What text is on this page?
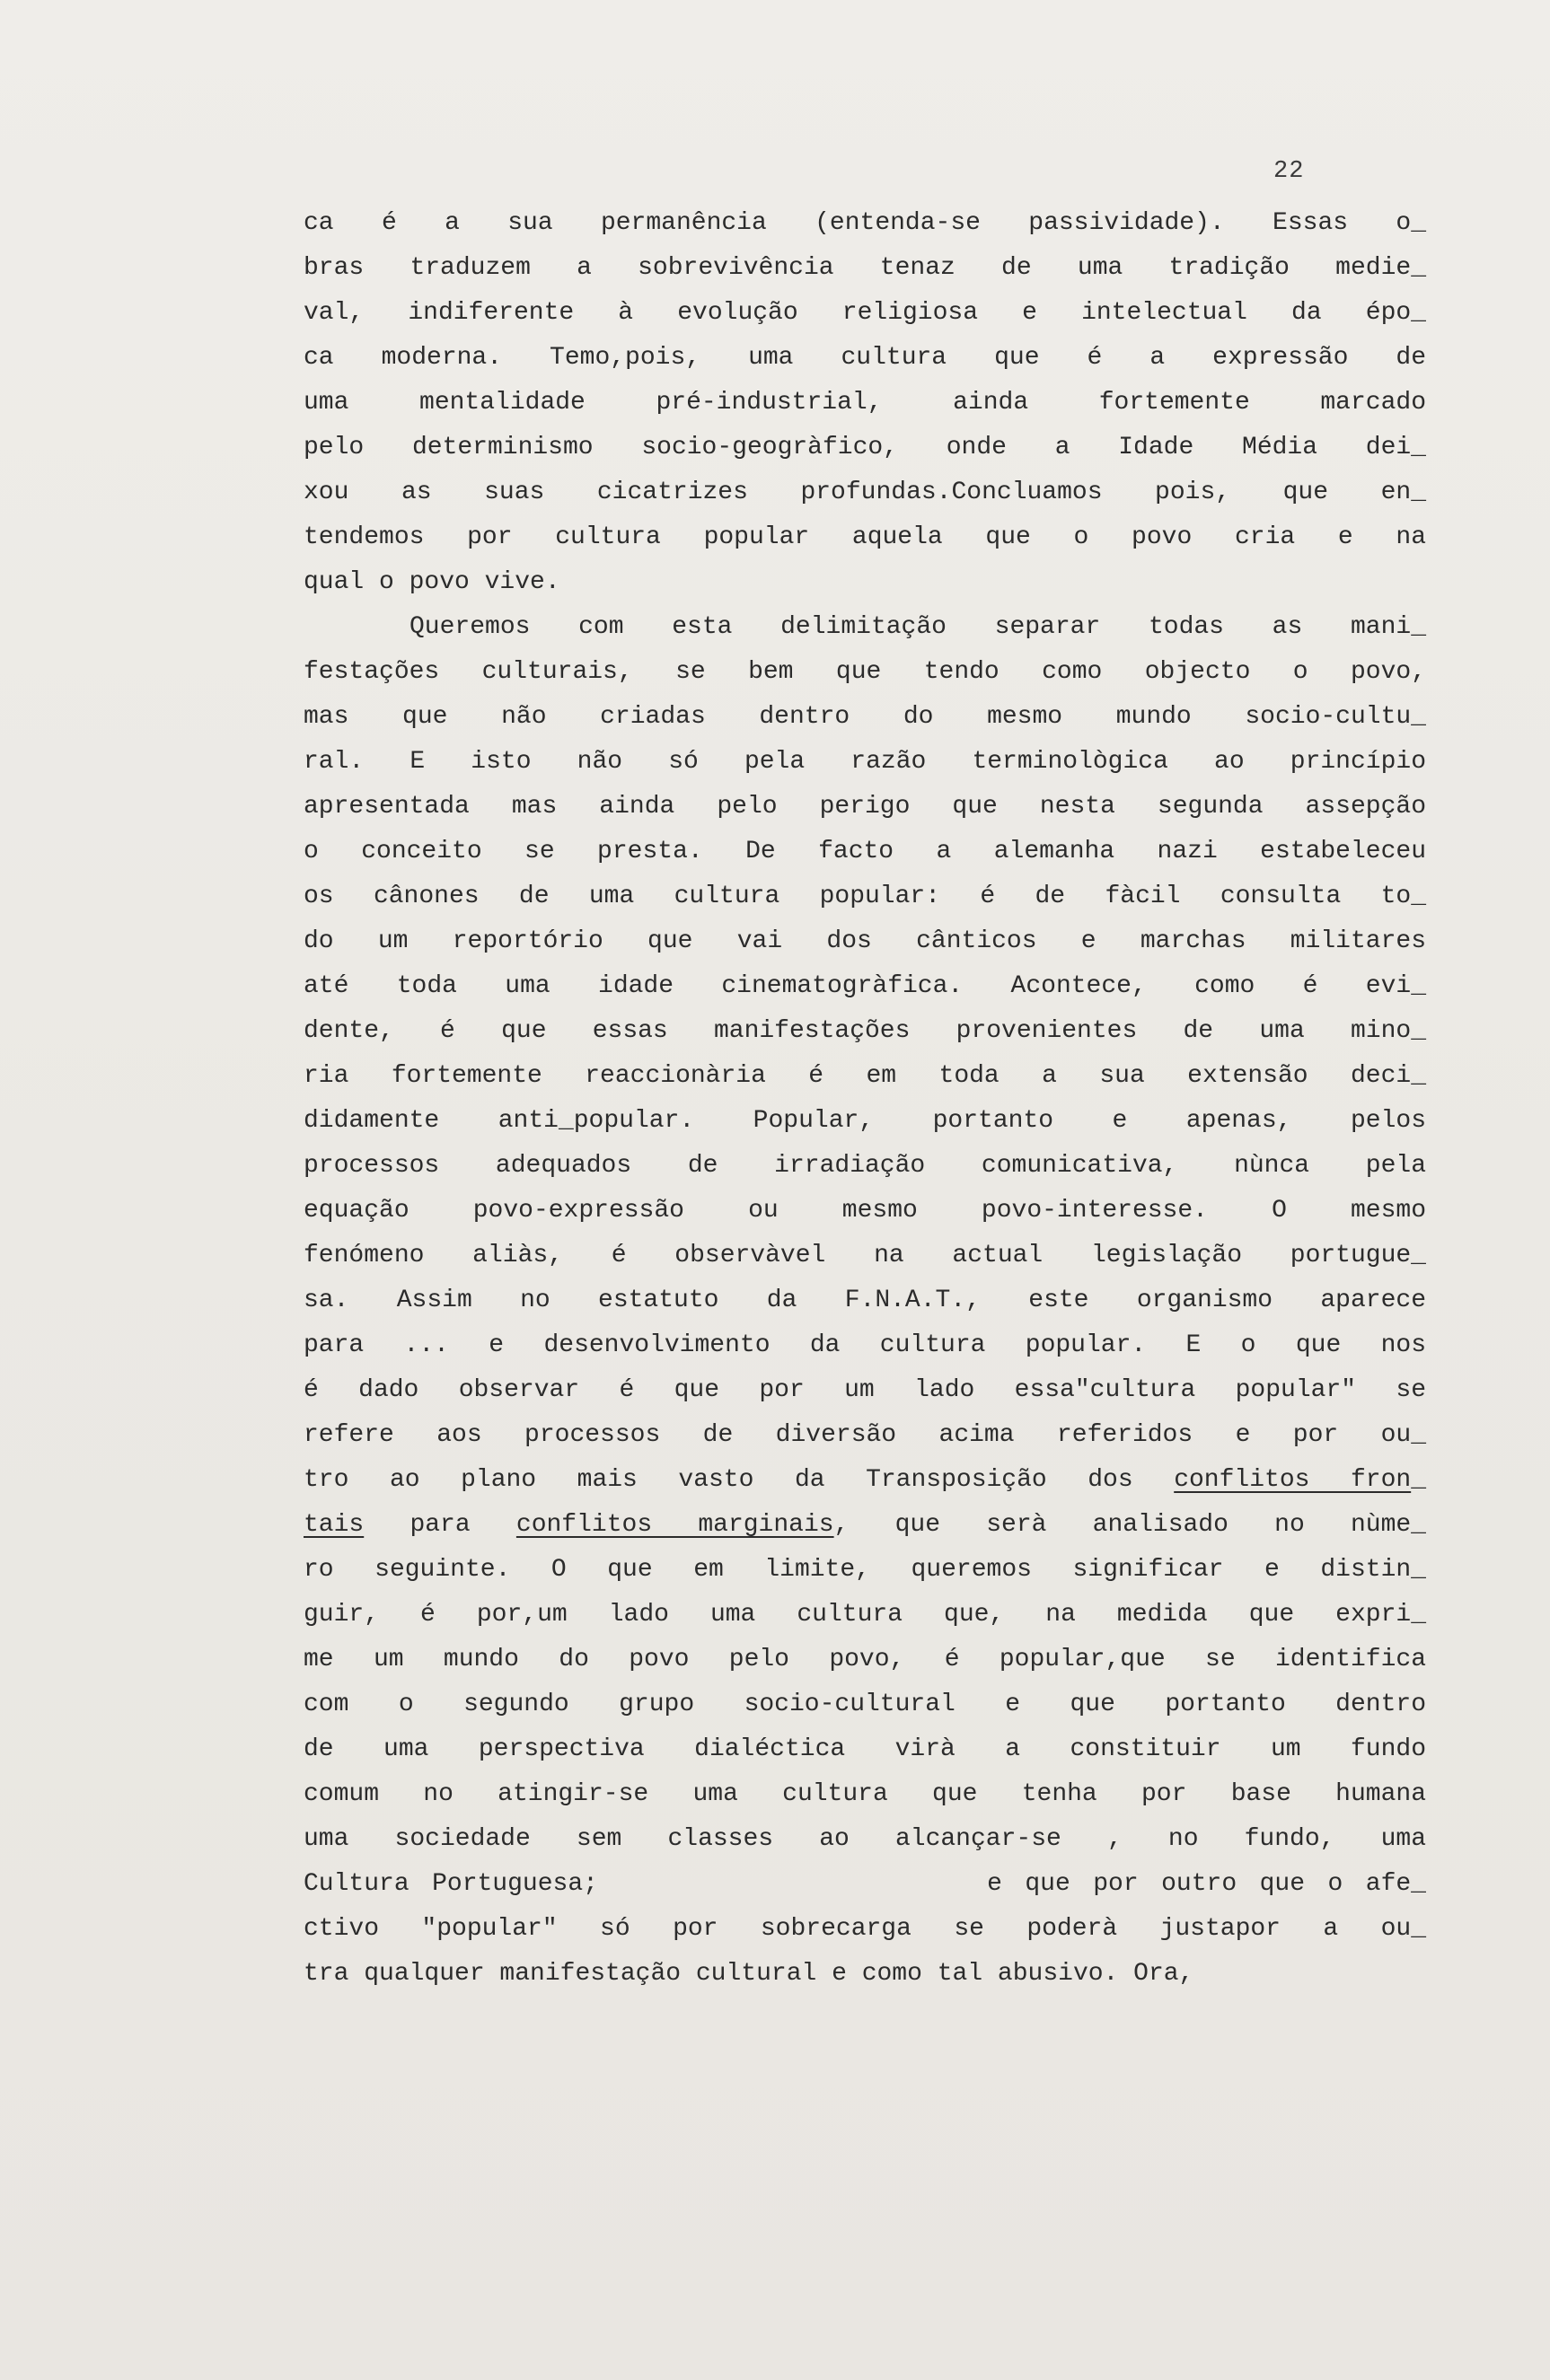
22
ca é a sua permanência (entenda-se passividade). Essas o_
bras traduzem a sobrevivência tenaz de uma tradição medie_
val, indiferente à evolução religiosa e intelectual da épo_
ca moderna. Temo,pois, uma cultura que é a expressão de
uma mentalidade pré-industrial, ainda fortemente marcado
pelo determinismo socio-geogràfico, onde a Idade Média dei_
xou as suas cicatrizes profundas.Concluamos pois, que en_
tendemos por cultura popular aquela que o povo cria e na
qual o povo vive.
Queremos com esta delimitação separar todas as mani_
festações culturais, se bem que tendo como objecto o povo,
mas que não criadas dentro do mesmo mundo socio-cultu_
ral. E isto não só pela razão terminològica ao princípio
apresentada mas ainda pelo perigo que nesta segunda assepção
o conceito se presta. De facto a alemanha nazi estabeleceu
os cânones de uma cultura popular: é de fàcil consulta to_
do um reportório que vai dos cânticos e marchas militares
até toda uma idade cinematogràfica. Acontece, como é evi_
dente, é que essas manifestações provenientes de uma mino_
ria fortemente reaccionària é em toda a sua extensão deci_
didamente anti_popular. Popular, portanto e apenas, pelos
processos adequados de irradiação comunicativa, nùnca pela
equação povo-expressão ou mesmo povo-interesse. O mesmo
fenómeno aliàs, é observàvel na actual legislação portugue_
sa. Assim no estatuto da F.N.A.T., este organismo aparece
para ... e desenvolvimento da cultura popular. E o que nos
é dado observar é que por um lado essa"cultura popular" se
refere aos processos de diversão acima referidos e por ou_
tro ao plano mais vasto da Transposição dos conflitos fron_
tais para conflitos marginais, que serà analisado no nùme_
ro seguinte. O que em limite, queremos significar e distin_
guir, é por,um lado uma cultura que, na medida que expri_
me um mundo do povo pelo povo, é popular,que se identifica
com o segundo grupo socio-cultural e que portanto dentro
de uma perspectiva dialéctica virà a constituir um fundo
comum no atingir-se uma cultura que tenha por base humana
uma sociedade sem classes ao alcançar-se , no fundo, uma
Cultura Portuguesa;                 e que por outro que o afe_
ctivo "popular" só por sobrecarga se poderà justapor a ou_
tra qualquer manifestação cultural e como tal abusivo. Ora,
